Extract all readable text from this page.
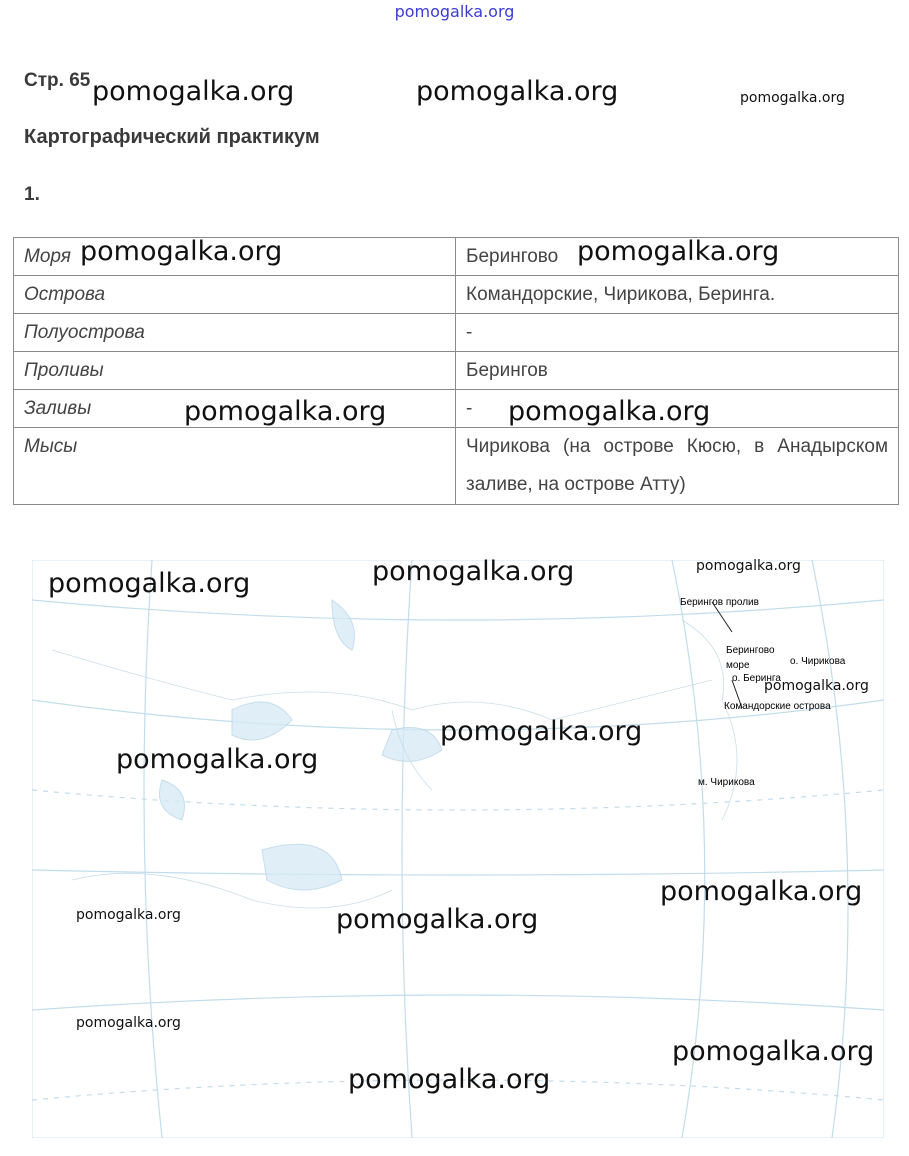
pomogalka.org
Стр. 65
Картографический практикум
1.
Моря	Берингово
Острова	Командорские, Чирикова, Беринга.
Полуострова	-
Проливы	Берингов
Заливы	-
Мысы	Чирикова (на острове Кюсю, в Анадырском заливе, на острове Атту)
Берингов пролив
Берингово
море	о. Чирикова
о. Беринга
Командорские острова
м. Чирикова
pomogalka.org	pomogalka.org	pomogalka.org
pomogalka.org	pomogalka.org
pomogalka.org	pomogalka.org
pomogalka.org	pomogalka.org	pomogalka.org
pomogalka.org
pomogalka.org
pomogalka.org
pomogalka.org
pomogalka.org	pomogalka.org
pomogalka.org
pomogalka.org
pomogalka.org
